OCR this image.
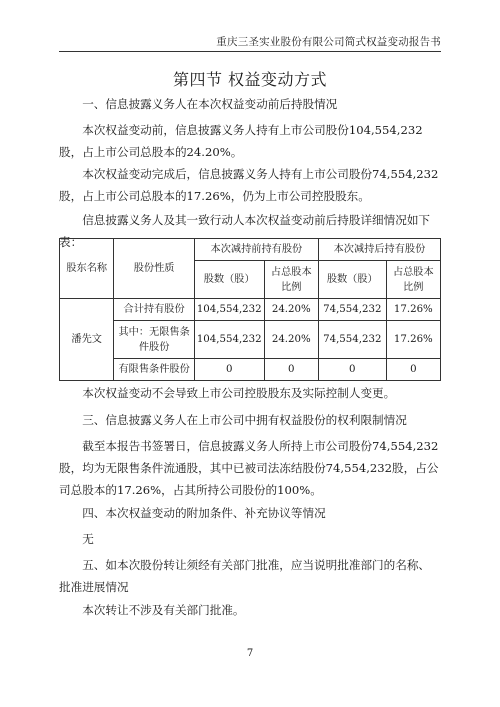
重庆三圣实业股份有限公司简式权益变动报告书
第四节 权益变动方式

一、信息披露义务人在本次权益变动前后持股情况

本次权益变动前，信息披露义务人持有上市公司股份104,554,232股，占上市公司总股本的24.20%。

本次权益变动完成后，信息披露义务人持有上市公司股份74,554,232股，占上市公司总股本的17.26%，仍为上市公司控股股东。

信息披露义务人及其一致行动人本次权益变动前后持股详细情况如下表：

股东名称	股份性质	本次减持前持有股份		本次减持后持有股份	
		股数（股）	占总股本比例	股数（股）	占总股本比例
潘先文	合计持有股份	104,554,232	24.20%	74,554,232	17.26%
	其中：无限售条件股份	104,554,232	24.20%	74,554,232	17.26%
	有限售条件股份	0	0	0	0

本次权益变动不会导致上市公司控股股东及实际控制人变更。

三、信息披露义务人在上市公司中拥有权益股份的权利限制情况

截至本报告书签署日，信息披露义务人所持上市公司股份74,554,232股，均为无限售条件流通股，其中已被司法冻结股份74,554,232股，占公司总股本的17.26%，占其所持公司股份的100%。

四、本次权益变动的附加条件、补充协议等情况

无

五、如本次股份转让须经有关部门批准，应当说明批准部门的名称、批准进展情况

本次转让不涉及有关部门批准。

7
